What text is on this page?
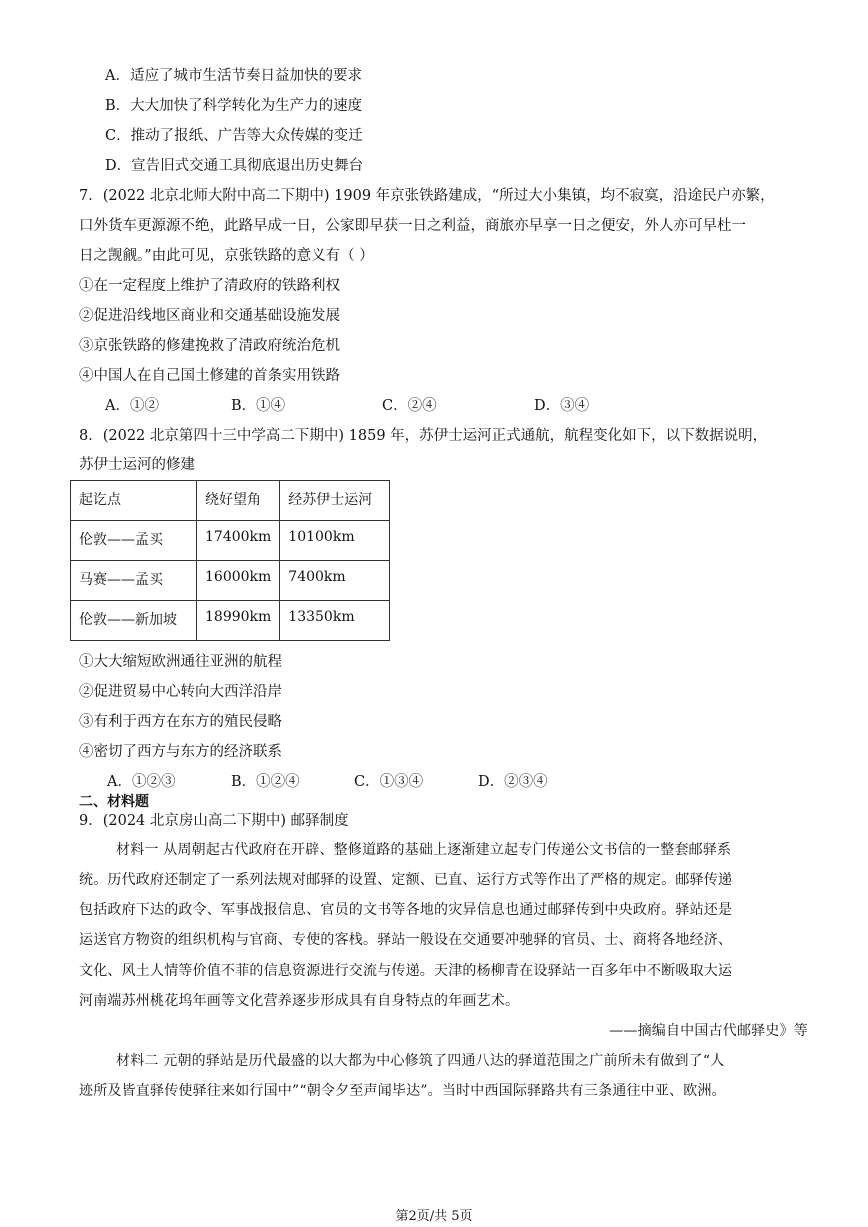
A．适应了城市生活节奏日益加快的要求
B．大大加快了科学转化为生产力的速度
C．推动了报纸、广告等大众传媒的变迁
D．宣告旧式交通工具彻底退出历史舞台
7．(2022 北京北师大附中高二下期中) 1909 年京张铁路建成，“所过大小集镇，均不寂寞，沿途民户亦繁，
口外货车更源源不绝，此路早成一日，公家即早获一日之利益，商旅亦早享一日之便安，外人亦可早杜一
日之觊觎。”由此可见，京张铁路的意义有（ ）
①在一定程度上维护了清政府的铁路利权
②促进沿线地区商业和交通基础设施发展
③京张铁路的修建挽救了清政府统治危机
④中国人在自己国土修建的首条实用铁路
A．①②	B．①④	C．②④	D．③④
8．(2022 北京第四十三中学高二下期中) 1859 年，苏伊士运河正式通航，航程变化如下，以下数据说明，
苏伊士运河的修建
起讫点	绕好望角	经苏伊士运河
伦敦——孟买	17400km	10100km
马赛——孟买	16000km	7400km
伦敦——新加坡	18990km	13350km
①大大缩短欧洲通往亚洲的航程
②促进贸易中心转向大西洋沿岸
③有利于西方在东方的殖民侵略
④密切了西方与东方的经济联系
A．①②③	B．①②④	C．①③④	D．②③④
二、材料题
9．(2024 北京房山高二下期中) 邮驿制度
材料一 从周朝起古代政府在开辟、整修道路的基础上逐渐建立起专门传递公文书信的一整套邮驿系
统。历代政府还制定了一系列法规对邮驿的设置、定额、已直、运行方式等作出了严格的规定。邮驿传递
包括政府下达的政令、军事战报信息、官员的文书等各地的灾异信息也通过邮驿传到中央政府。驿站还是
运送官方物资的组织机构与官商、专使的客栈。驿站一般设在交通要冲驰驿的官员、士、商将各地经济、
文化、风土人情等价值不菲的信息资源进行交流与传递。天津的杨柳青在设驿站一百多年中不断吸取大运
河南端苏州桃花坞年画等文化营养逐步形成具有自身特点的年画艺术。
——摘编自中国古代邮驿史》等
材料二 元朝的驿站是历代最盛的以大都为中心修筑了四通八达的驿道范围之广前所未有做到了“人
迹所及皆直驿传使驿往来如行国中”“朝令夕至声闻毕达”。当时中西国际驿路共有三条通往中亚、欧洲。
第2页/共 5页
